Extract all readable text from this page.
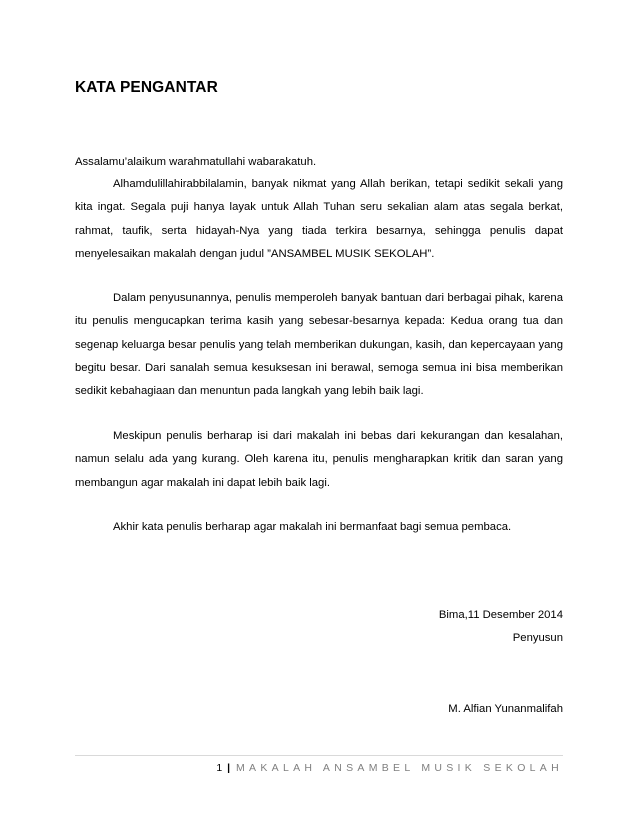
KATA PENGANTAR
Assalamu’alaikum warahmatullahi wabarakatuh.

Alhamdulillahirabbilalamin, banyak nikmat yang Allah berikan, tetapi sedikit sekali yang kita ingat. Segala puji hanya layak untuk Allah Tuhan seru sekalian alam atas segala berkat, rahmat, taufik, serta hidayah-Nya yang tiada terkira besarnya, sehingga penulis dapat menyelesaikan makalah dengan judul ”ANSAMBEL MUSIK SEKOLAH”.

Dalam penyusunannya, penulis memperoleh banyak bantuan dari berbagai pihak, karena itu penulis mengucapkan terima kasih yang sebesar-besarnya kepada: Kedua orang tua dan segenap keluarga besar penulis yang telah memberikan dukungan, kasih, dan kepercayaan yang begitu besar. Dari sanalah semua kesuksesan ini berawal, semoga semua ini bisa memberikan sedikit kebahagiaan dan menuntun pada langkah yang lebih baik lagi.

Meskipun penulis berharap isi dari makalah ini bebas dari kekurangan dan kesalahan, namun selalu ada yang kurang. Oleh karena itu, penulis mengharapkan kritik dan saran yang membangun agar makalah ini dapat lebih baik lagi.

Akhir kata penulis berharap agar makalah ini bermanfaat bagi semua pembaca.

Bima,11 Desember 2014
Penyusun
M. Alfian Yunanmalifah
1 | MAKALAH ANSAMBEL MUSIK SEKOLAH
